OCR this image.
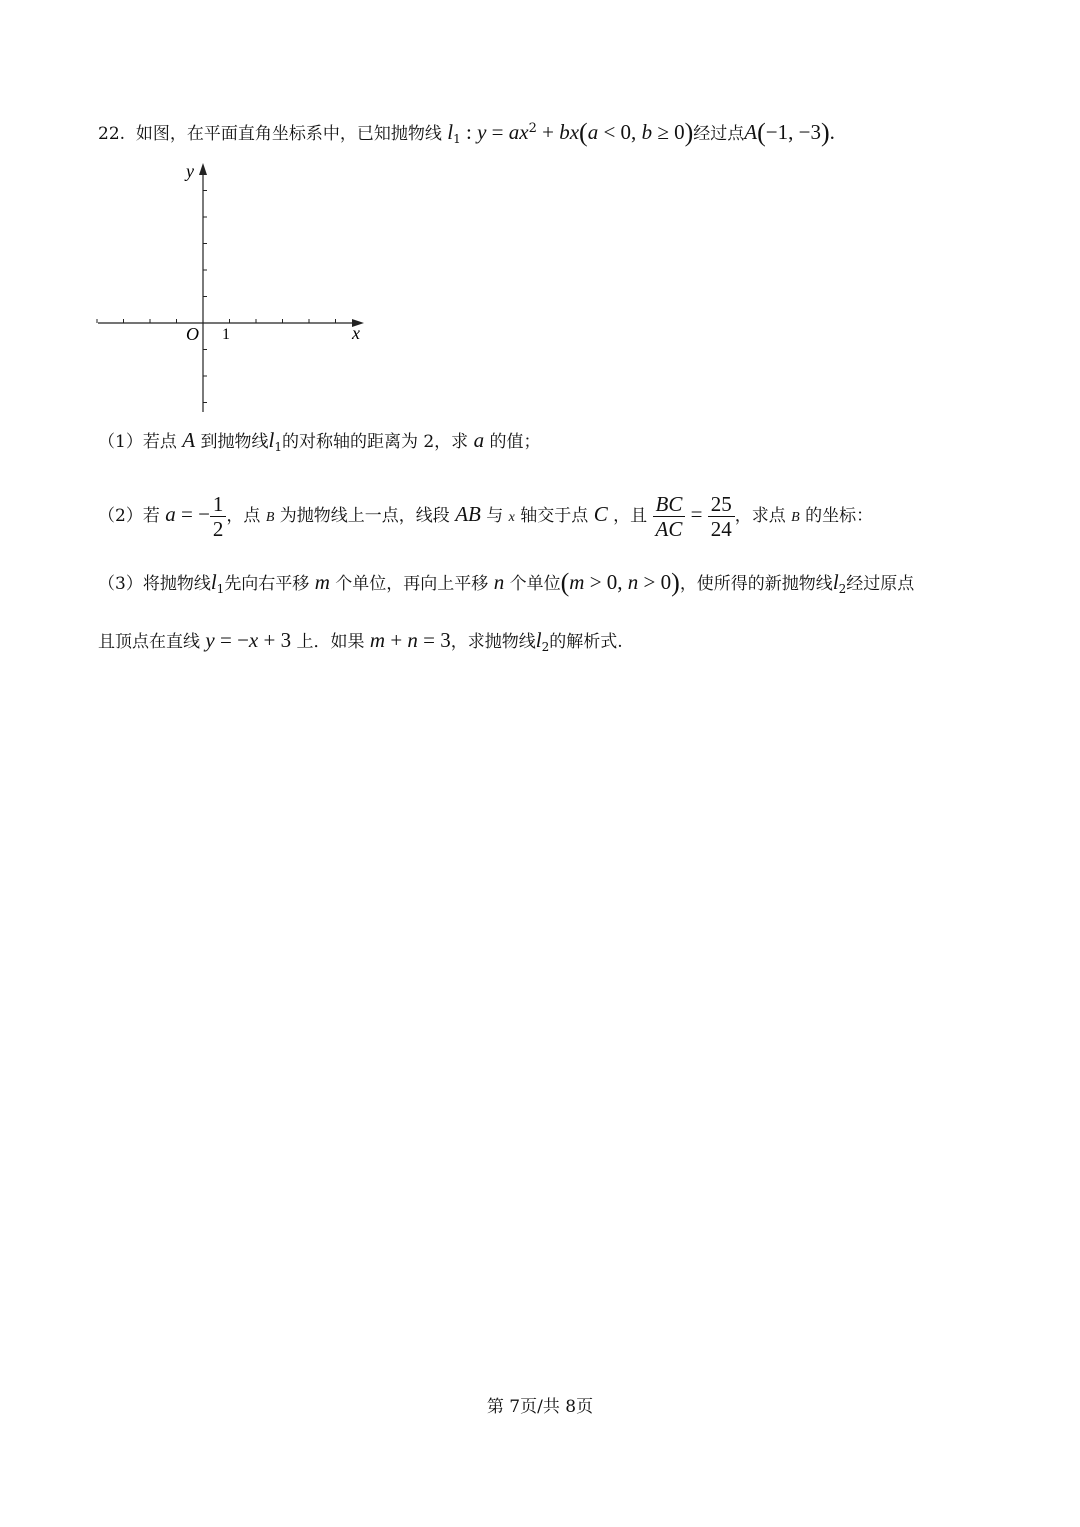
22. 如图，在平面直角坐标系中，已知抛物线 $l_1$ : $y = ax^2 + bx(a < 0$, b ≥ 0)经过点A(−1, −3).
y
x
O 1
（1）若点 A 到抛物线$l_1$的对称轴的距离为 2，求 a 的值；
（2）若 a = − $\frac{1}{2}$ ，点 B 为抛物线上一点，线段 AB 与 x 轴交于点 C ，且 $\frac{BC}{AC} = \frac{25}{24}$ ，求点 B 的坐标：
（3）将抛物线$l_1$先向右平移 m 个单位，再向上平移 n 个单位(m > 0, n > 0)，使所得的新抛物线$l_2$经过原点
且顶点在直线 y = −x + 3 上．如果 m + n = 3，求抛物线$l_2$的解析式.
第 7页/共 8页
